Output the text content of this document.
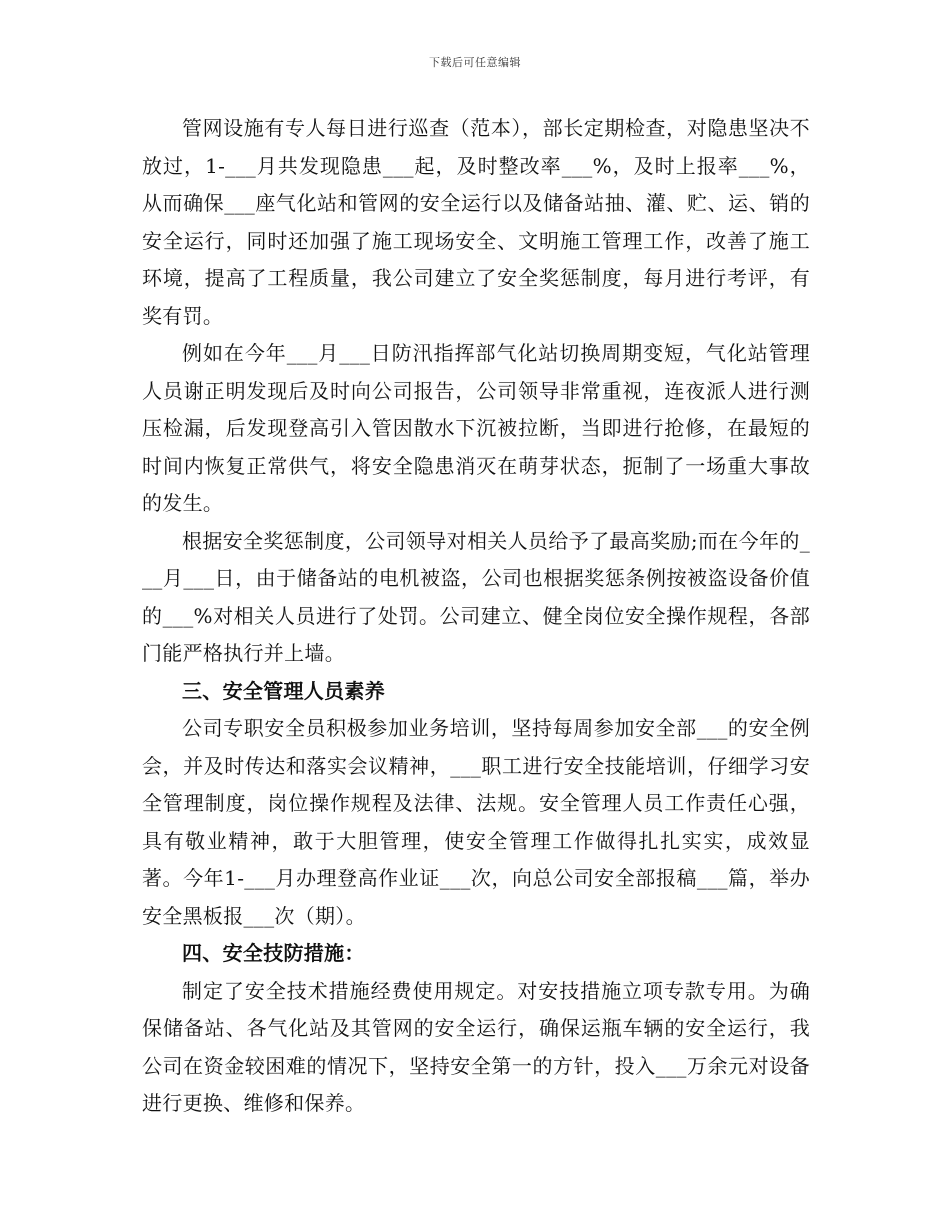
下载后可任意编辑

管网设施有专人每日进行巡查（范本），部长定期检查，对隐患坚决不放过，1-___月共发现隐患___起，及时整改率___%，及时上报率___%，从而确保___座气化站和管网的安全运行以及储备站抽、灌、贮、运、销的安全运行，同时还加强了施工现场安全、文明施工管理工作，改善了施工环境，提高了工程质量，我公司建立了安全奖惩制度，每月进行考评，有奖有罚。

例如在今年___月___日防汛指挥部气化站切换周期变短，气化站管理人员谢正明发现后及时向公司报告，公司领导非常重视，连夜派人进行测压检漏，后发现登高引入管因散水下沉被拉断，当即进行抢修，在最短的时间内恢复正常供气，将安全隐患消灭在萌芽状态，扼制了一场重大事故的发生。

根据安全奖惩制度，公司领导对相关人员给予了最高奖励;而在今年的___月___日，由于储备站的电机被盗，公司也根据奖惩条例按被盗设备价值的___%对相关人员进行了处罚。公司建立、健全岗位安全操作规程，各部门能严格执行并上墙。

三、安全管理人员素养

公司专职安全员积极参加业务培训，坚持每周参加安全部___的安全例会，并及时传达和落实会议精神，___职工进行安全技能培训，仔细学习安全管理制度，岗位操作规程及法律、法规。安全管理人员工作责任心强，具有敬业精神，敢于大胆管理，使安全管理工作做得扎扎实实，成效显著。今年1-___月办理登高作业证___次，向总公司安全部报稿___篇，举办安全黑板报___次（期）。

四、安全技防措施：

制定了安全技术措施经费使用规定。对安技措施立项专款专用。为确保储备站、各气化站及其管网的安全运行，确保运瓶车辆的安全运行，我公司在资金较困难的情况下，坚持安全第一的方针，投入___万余元对设备进行更换、维修和保养。
